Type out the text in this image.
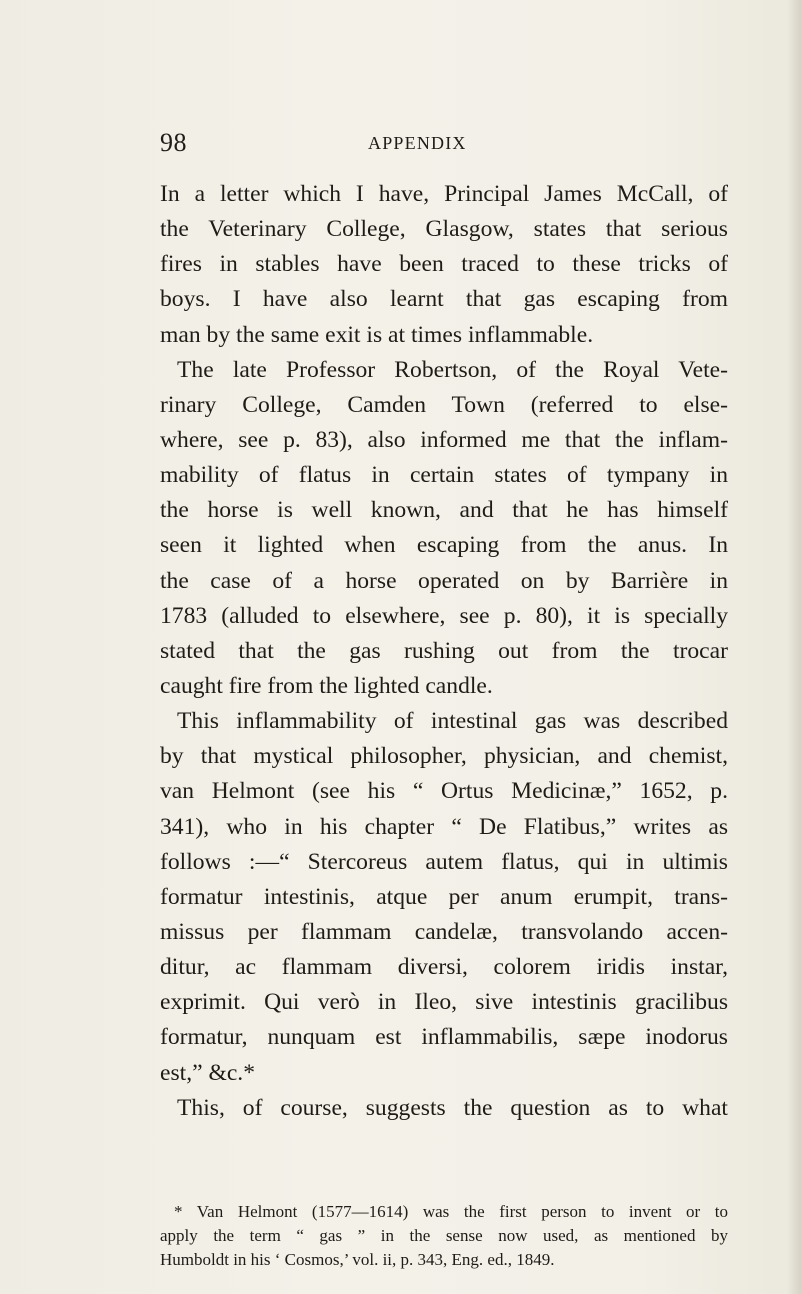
98	APPENDIX
In a letter which I have, Principal James McCall, of
the Veterinary College, Glasgow, states that serious
fires in stables have been traced to these tricks of
boys. I have also learnt that gas escaping from
man by the same exit is at times inflammable.
The late Professor Robertson, of the Royal Vete-
rinary College, Camden Town (referred to else-
where, see p. 83), also informed me that the inflam-
mability of flatus in certain states of tympany in
the horse is well known, and that he has himself
seen it lighted when escaping from the anus. In
the case of a horse operated on by Barrière in
1783 (alluded to elsewhere, see p. 80), it is specially
stated that the gas rushing out from the trocar
caught fire from the lighted candle.
This inflammability of intestinal gas was described
by that mystical philosopher, physician, and chemist,
van Helmont (see his “ Ortus Medicinæ,” 1652, p.
341), who in his chapter “ De Flatibus,” writes as
follows :—“ Stercoreus autem flatus, qui in ultimis
formatur intestinis, atque per anum erumpit, trans-
missus per flammam candelæ, transvolando accen-
ditur, ac flammam diversi, colorem iridis instar,
exprimit. Qui verò in Ileo, sive intestinis gracilibus
formatur, nunquam est inflammabilis, sæpe inodorus
est,” &c.*
This, of course, suggests the question as to what
* Van Helmont (1577—1614) was the first person to invent or to
apply the term “ gas ” in the sense now used, as mentioned by
Humboldt in his ‘ Cosmos,’ vol. ii, p. 343, Eng. ed., 1849.
